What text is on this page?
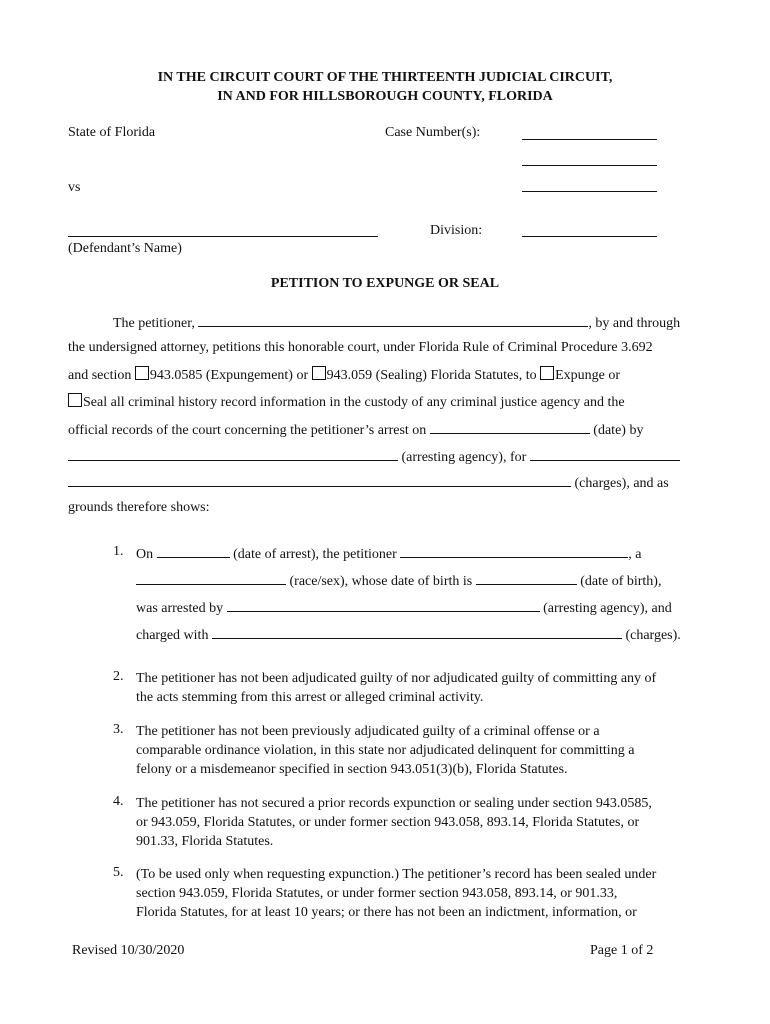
IN THE CIRCUIT COURT OF THE THIRTEENTH JUDICIAL CIRCUIT,
IN AND FOR HILLSBOROUGH COUNTY, FLORIDA
State of Florida	Case Number(s):
vs
Division:
(Defendant’s Name)
PETITION TO EXPUNGE OR SEAL
The petitioner,	, by and through
the undersigned attorney, petitions this honorable court, under Florida Rule of Criminal Procedure 3.692
and section 943.0585 (Expungement) or 943.059 (Sealing) Florida Statutes, to Expunge or
Seal all criminal history record information in the custody of any criminal justice agency and the
official records of the court concerning the petitioner’s arrest on	(date) by
(arresting agency), for
(charges), and as
grounds therefore shows:
1. On	(date of arrest), the petitioner	, a
(race/sex), whose date of birth is	(date of birth),
was arrested by	(arresting agency), and
charged with	(charges).
2. The petitioner has not been adjudicated guilty of nor adjudicated guilty of committing any of
the acts stemming from this arrest or alleged criminal activity.
3. The petitioner has not been previously adjudicated guilty of a criminal offense or a
comparable ordinance violation, in this state nor adjudicated delinquent for committing a
felony or a misdemeanor specified in section 943.051(3)(b), Florida Statutes.
4. The petitioner has not secured a prior records expunction or sealing under section 943.0585,
or 943.059, Florida Statutes, or under former section 943.058, 893.14, Florida Statutes, or
901.33, Florida Statutes.
5. (To be used only when requesting expunction.) The petitioner’s record has been sealed under
section 943.059, Florida Statutes, or under former section 943.058, 893.14, or 901.33,
Florida Statutes, for at least 10 years; or there has not been an indictment, information, or
Revised 10/30/2020	Page 1 of 2
